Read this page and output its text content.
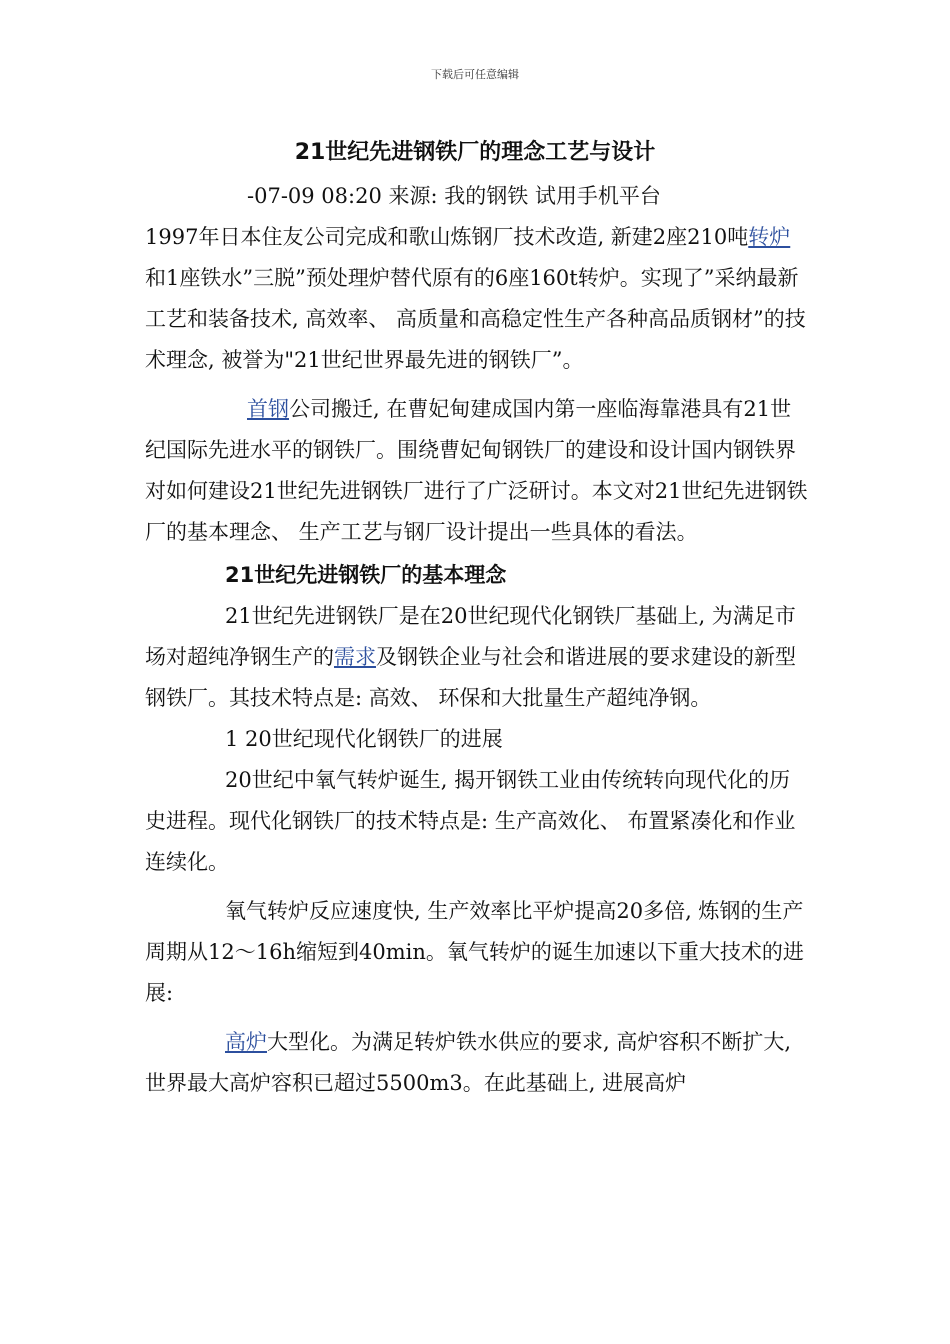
下载后可任意编辑
21世纪先进钢铁厂的理念工艺与设计

-07-09 08:20 来源: 我的钢铁 试用手机平台

1997年日本住友公司完成和歌山炼钢厂技术改造, 新建2座210吨转炉和1座铁水”三脱”预处理炉替代原有的6座160t转炉。实现了”采纳最新工艺和装备技术, 高效率、 高质量和高稳定性生产各种高品质钢材”的技术理念, 被誉为"21世纪世界最先进的钢铁厂”。

首钢公司搬迁, 在曹妃甸建成国内第一座临海靠港具有21世纪国际先进水平的钢铁厂。围绕曹妃甸钢铁厂的建设和设计国内钢铁界对如何建设21世纪先进钢铁厂进行了广泛研讨。本文对21世纪先进钢铁厂的基本理念、 生产工艺与钢厂设计提出一些具体的看法。

21世纪先进钢铁厂的基本理念

21世纪先进钢铁厂是在20世纪现代化钢铁厂基础上, 为满足市场对超纯净钢生产的需求及钢铁企业与社会和谐进展的要求建设的新型钢铁厂。其技术特点是: 高效、 环保和大批量生产超纯净钢。

1 20世纪现代化钢铁厂的进展

20世纪中氧气转炉诞生, 揭开钢铁工业由传统转向现代化的历史进程。现代化钢铁厂的技术特点是: 生产高效化、 布置紧凑化和作业连续化。

氧气转炉反应速度快, 生产效率比平炉提高20多倍, 炼钢的生产周期从12～16h缩短到40min。氧气转炉的诞生加速以下重大技术的进展:

高炉大型化。为满足转炉铁水供应的要求, 高炉容积不断扩大, 世界最大高炉容积已超过5500m3。在此基础上, 进展高炉
